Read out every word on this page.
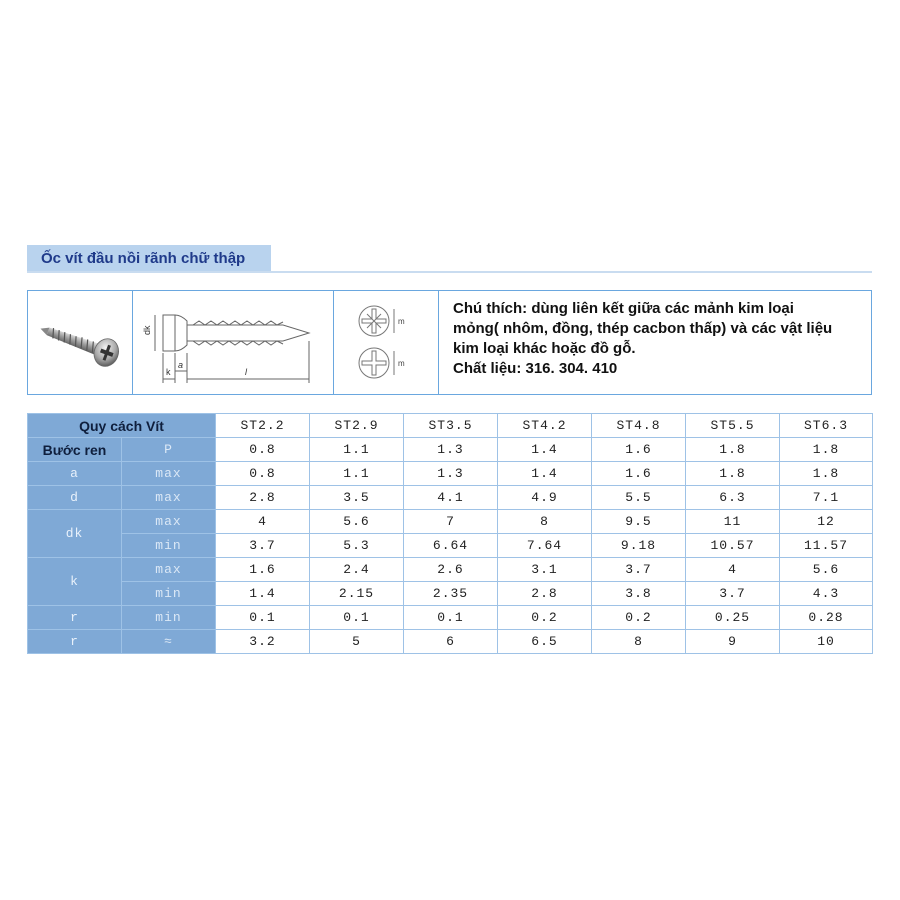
Ốc vít đầu nồi rãnh chữ thập
dk
k
a
l
m
m
Chú thích: dùng liên kết giữa các mảnh kim loại
mỏng( nhôm, đồng, thép cacbon thấp) và các vật liệu
kim loại khác hoặc đồ gỗ.
Chất liệu: 316. 304. 410
Quy cách Vít		ST2.2	ST2.9	ST3.5	ST4.2	ST4.8	ST5.5	ST6.3
Bước ren	P	0.8	1.1	1.3	1.4	1.6	1.8	1.8
a	max	0.8	1.1	1.3	1.4	1.6	1.8	1.8
d	max	2.8	3.5	4.1	4.9	5.5	6.3	7.1
dk	max	4	5.6	7	8	9.5	11	12
	min	3.7	5.3	6.64	7.64	9.18	10.57	11.57
k	max	1.6	2.4	2.6	3.1	3.7	4	5.6
	min	1.4	2.15	2.35	2.8	3.8	3.7	4.3
r	min	0.1	0.1	0.1	0.2	0.2	0.25	0.28
r	≈	3.2	5	6	6.5	8	9	10
